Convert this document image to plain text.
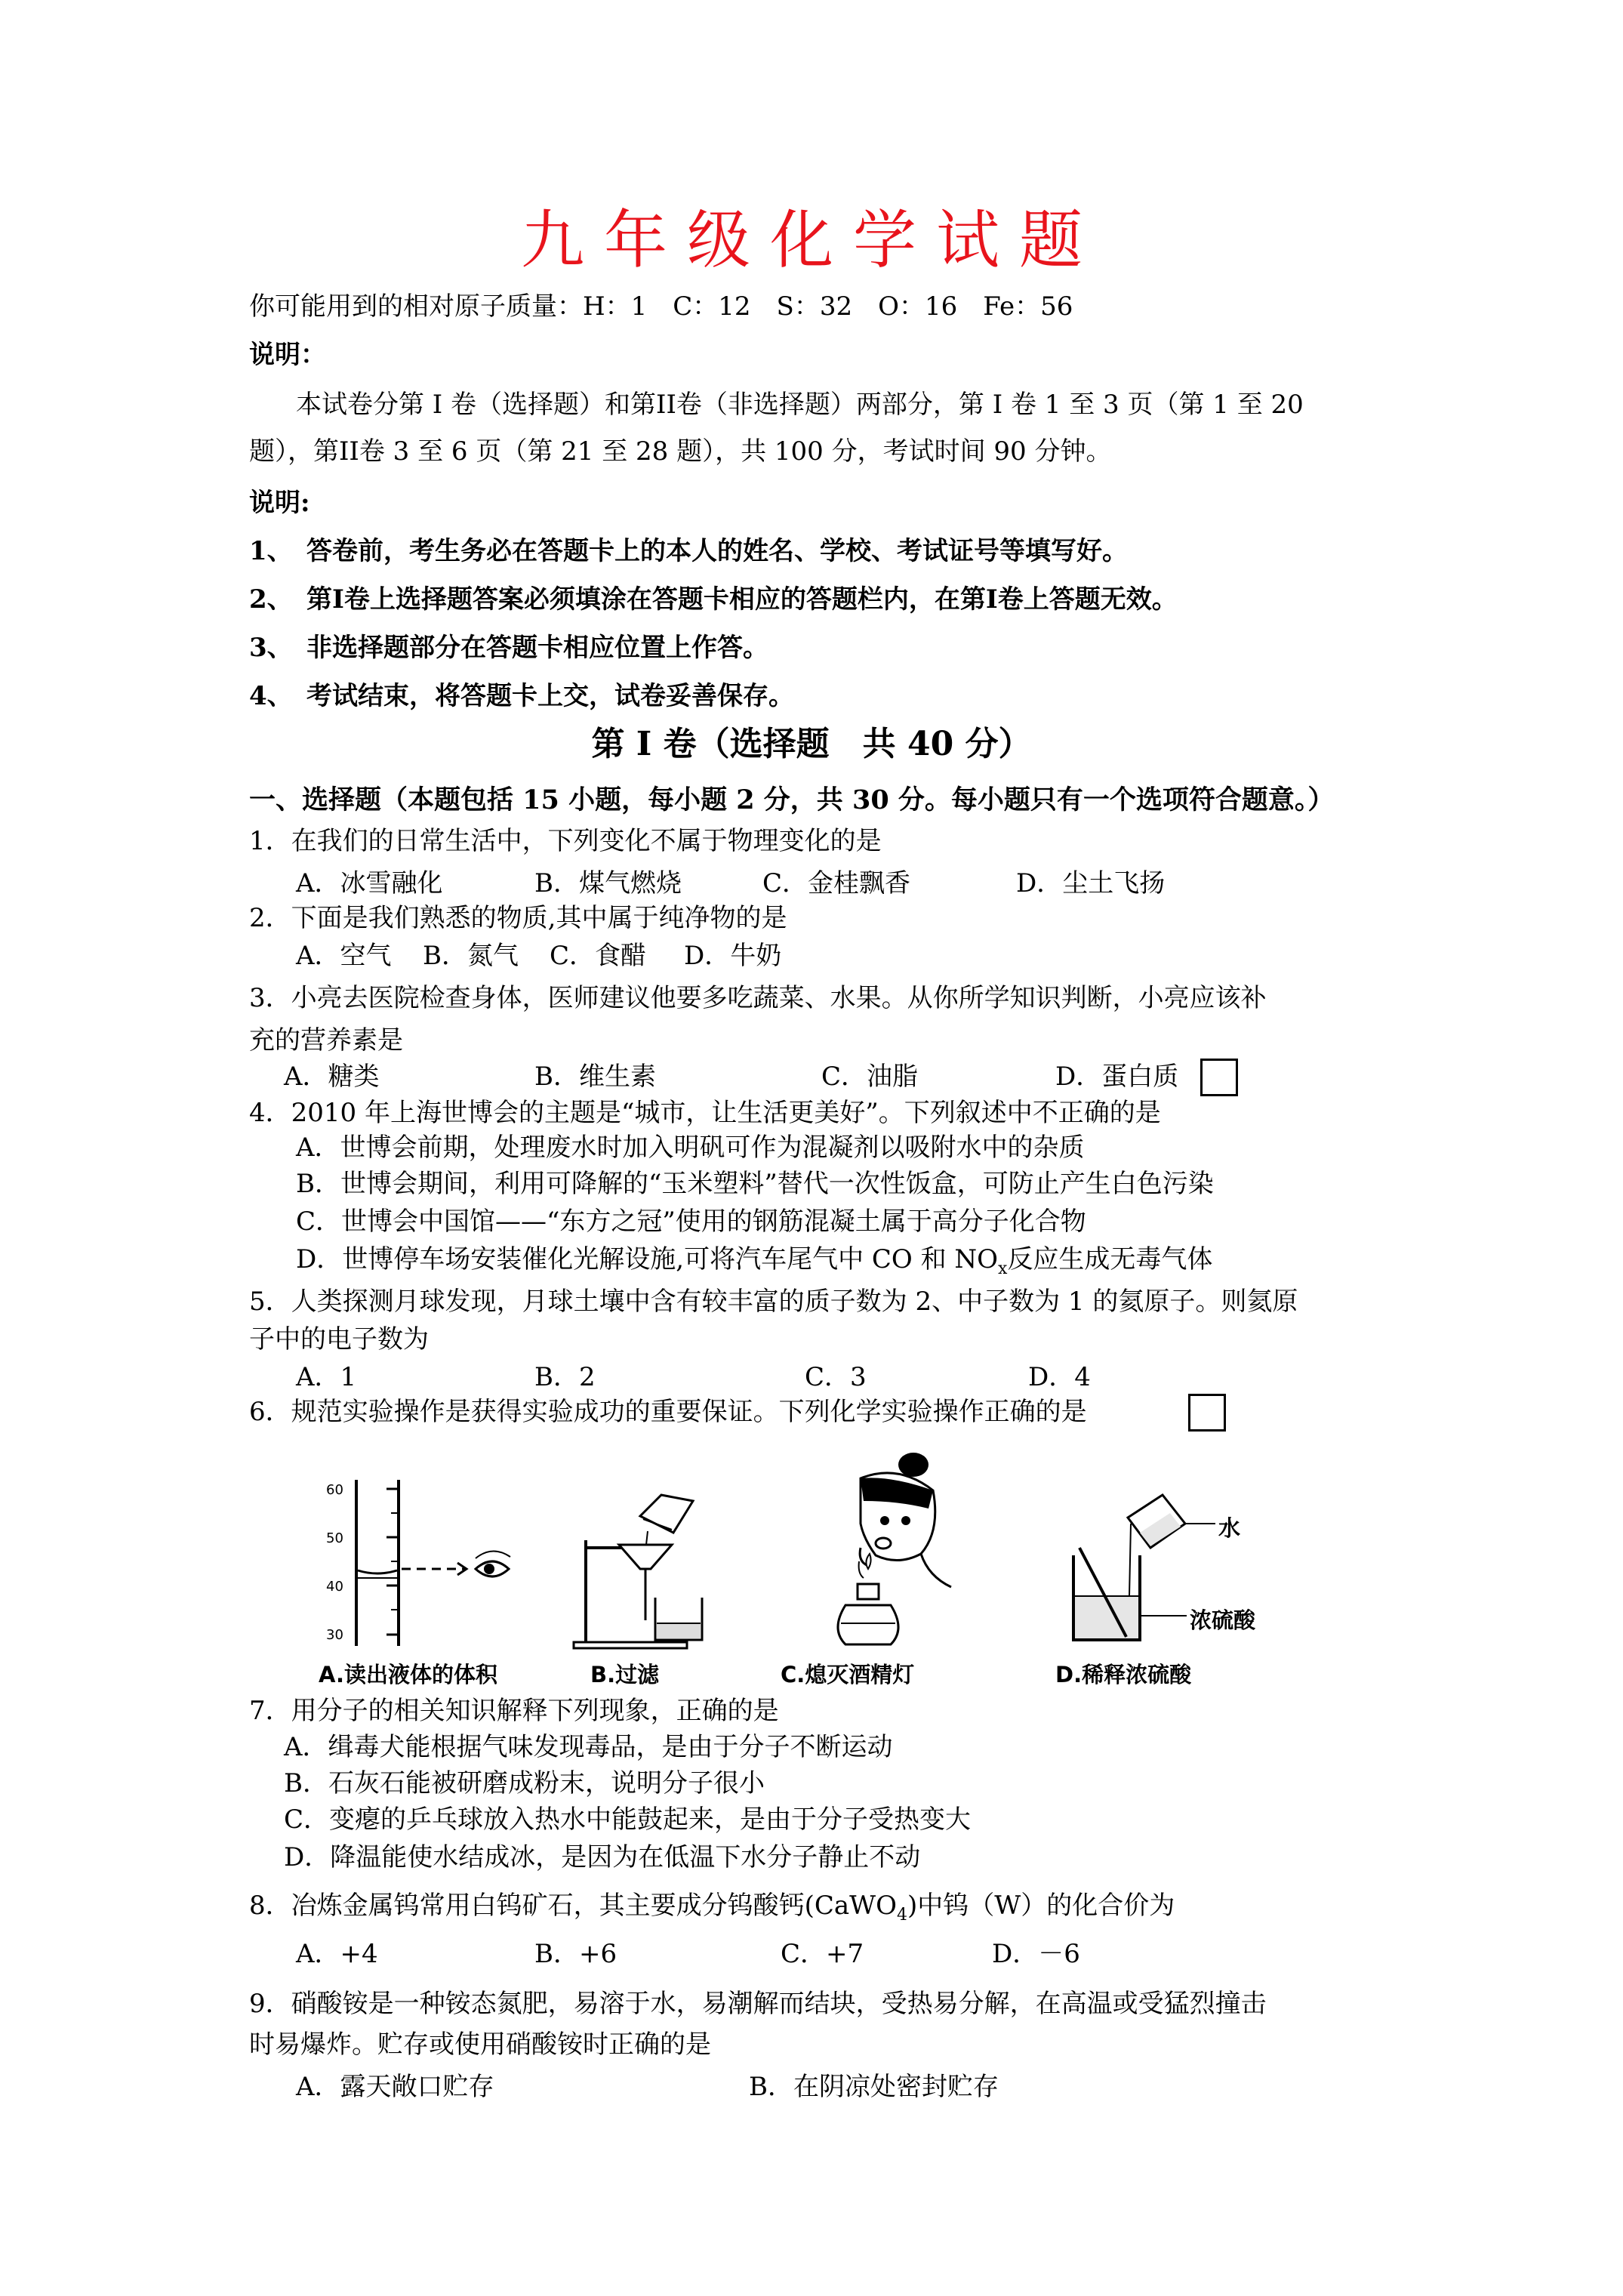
九年级化学试题
你可能用到的相对原子质量：H：1　C：12　S：32　O：16　Fe：56
说明：
本试卷分第 I 卷（选择题）和第II卷（非选择题）两部分，第 I 卷 1 至 3 页（第 1 至 20
题），第II卷 3 至 6 页（第 21 至 28 题），共 100 分，考试时间 90 分钟。
说明:
1、 答卷前，考生务必在答题卡上的本人的姓名、学校、考试证号等填写好。
2、 第I卷上选择题答案必须填涂在答题卡相应的答题栏内，在第I卷上答题无效。
3、 非选择题部分在答题卡相应位置上作答。
4、 考试结束，将答题卡上交，试卷妥善保存。
第 I 卷（选择题　共 40 分）
一、选择题（本题包括 15 小题，每小题 2 分，共 30 分。每小题只有一个选项符合题意。）
1．在我们的日常生活中，下列变化不属于物理变化的是
A．冰雪融化	B．煤气燃烧	C．金桂飘香	D．尘土飞扬
2．下面是我们熟悉的物质,其中属于纯净物的是
A．空气 B．氮气 C．食醋 D．牛奶
3．小亮去医院检查身体，医师建议他要多吃蔬菜、水果。从你所学知识判断，小亮应该补
充的营养素是
A．糖类	B．维生素	C．油脂	D．蛋白质
4．2010 年上海世博会的主题是“城市，让生活更美好”。下列叙述中不正确的是
A．世博会前期，处理废水时加入明矾可作为混凝剂以吸附水中的杂质
B．世博会期间，利用可降解的“玉米塑料”替代一次性饭盒，可防止产生白色污染
C．世博会中国馆——“东方之冠”使用的钢筋混凝土属于高分子化合物
D．世博停车场安装催化光解设施,可将汽车尾气中 CO 和 $NO_x$反应生成无毒气体
5．人类探测月球发现，月球土壤中含有较丰富的质子数为 2、中子数为 1 的氦原子。则氦原
子中的电子数为
A．1	B．2	C．3	D．4
6．规范实验操作是获得实验成功的重要保证。下列化学实验操作正确的是
60
50
40
30
水
浓硫酸
A.读出液体的体积	B.过滤	C.熄灭酒精灯	D.稀释浓硫酸
7．用分子的相关知识解释下列现象，正确的是
A．缉毒犬能根据气味发现毒品，是由于分子不断运动
B．石灰石能被研磨成粉末，说明分子很小
C．变瘪的乒乓球放入热水中能鼓起来，是由于分子受热变大
D．降温能使水结成冰，是因为在低温下水分子静止不动
8．冶炼金属钨常用白钨矿石，其主要成分钨酸钙(CaWO$_4$)中钨（W）的化合价为
A．+4	B．+6	C．+7	D．－6
9．硝酸铵是一种铵态氮肥，易溶于水，易潮解而结块，受热易分解，在高温或受猛烈撞击
时易爆炸。贮存或使用硝酸铵时正确的是
A．露天敞口贮存	B．在阴凉处密封贮存
